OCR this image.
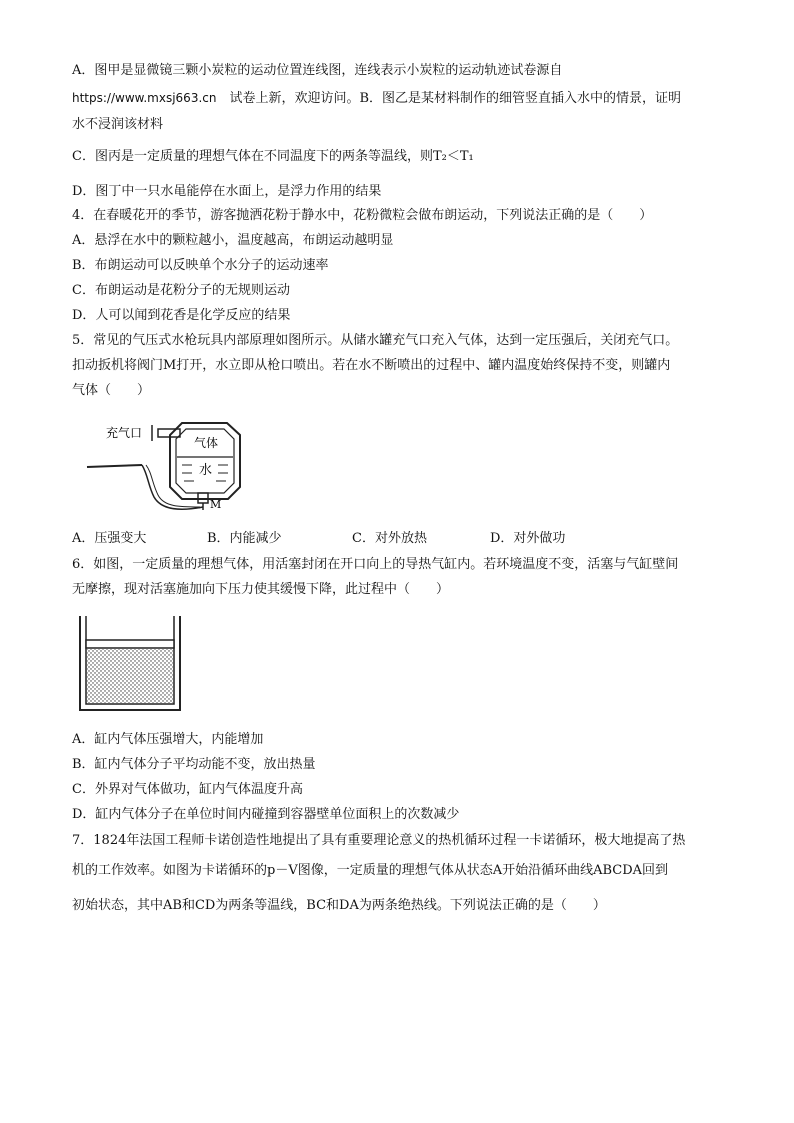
A．图甲是显微镜三颗小炭粒的运动位置连线图，连线表示小炭粒的运动轨迹试卷源自
https://www.mxsj663.cn　试卷上新，欢迎访问。B．图乙是某材料制作的细管竖直插入水中的情景，证明
水不浸润该材料
C．图丙是一定质量的理想气体在不同温度下的两条等温线，则T₂＜T₁
D．图丁中一只水黾能停在水面上，是浮力作用的结果
4．在春暖花开的季节，游客抛洒花粉于静水中，花粉微粒会做布朗运动，下列说法正确的是（　　）
A．悬浮在水中的颗粒越小，温度越高，布朗运动越明显
B．布朗运动可以反映单个水分子的运动速率
C．布朗运动是花粉分子的无规则运动
D．人可以闻到花香是化学反应的结果
5．常见的气压式水枪玩具内部原理如图所示。从储水罐充气口充入气体，达到一定压强后，关闭充气口。
扣动扳机将阀门M打开，水立即从枪口喷出。若在水不断喷出的过程中、罐内温度始终保持不变，则罐内
气体（　　）
充气口
气体
水
M
A．压强变大	B．内能减少	C．对外放热	D．对外做功
6．如图，一定质量的理想气体，用活塞封闭在开口向上的导热气缸内。若环境温度不变，活塞与气缸壁间
无摩擦，现对活塞施加向下压力使其缓慢下降，此过程中（　　）
A．缸内气体压强增大，内能增加
B．缸内气体分子平均动能不变，放出热量
C．外界对气体做功，缸内气体温度升高
D．缸内气体分子在单位时间内碰撞到容器壁单位面积上的次数减少
7．1824年法国工程师卡诺创造性地提出了具有重要理论意义的热机循环过程一卡诺循环，极大地提高了热
机的工作效率。如图为卡诺循环的p－V图像，一定质量的理想气体从状态A开始沿循环曲线ABCDA回到
初始状态，其中AB和CD为两条等温线，BC和DA为两条绝热线。下列说法正确的是（　　）
